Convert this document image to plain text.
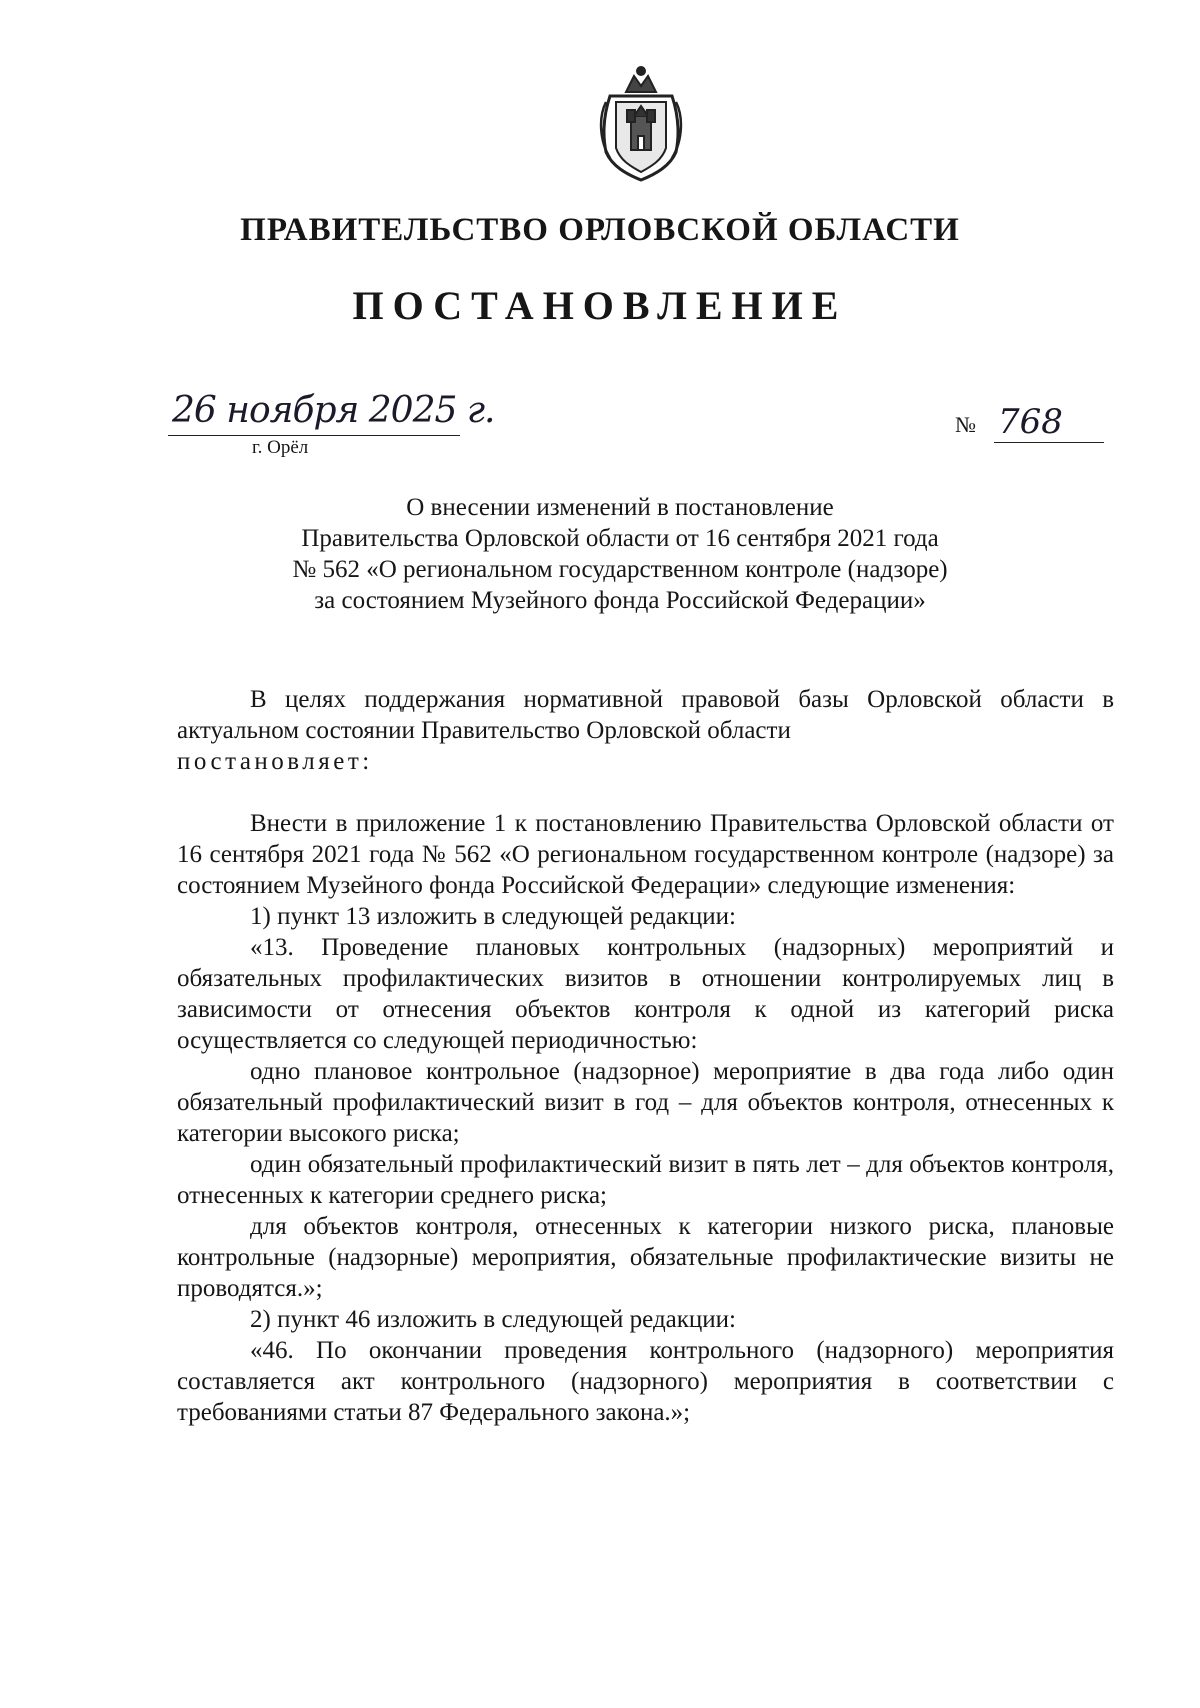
ПРАВИТЕЛЬСТВО ОРЛОВСКОЙ ОБЛАСТИ
ПОСТАНОВЛЕНИЕ
26 ноября 2025 г.
г. Орёл
№ 768
О внесении изменений в постановление
Правительства Орловской области от 16 сентября 2021 года
№ 562 «О региональном государственном контроле (надзоре)
за состоянием Музейного фонда Российской Федерации»

В целях поддержания нормативной правовой базы Орловской области в актуальном состоянии Правительство Орловской области

постановляет:

Внести в приложение 1 к постановлению Правительства Орловской области от 16 сентября 2021 года № 562 «О региональном государственном контроле (надзоре) за состоянием Музейного фонда Российской Федерации» следующие изменения:

1) пункт 13 изложить в следующей редакции:

«13. Проведение плановых контрольных (надзорных) мероприятий и обязательных профилактических визитов в отношении контролируемых лиц в зависимости от отнесения объектов контроля к одной из категорий риска осуществляется со следующей периодичностью:

одно плановое контрольное (надзорное) мероприятие в два года либо один обязательный профилактический визит в год – для объектов контроля, отнесенных к категории высокого риска;

один обязательный профилактический визит в пять лет – для объектов контроля, отнесенных к категории среднего риска;

для объектов контроля, отнесенных к категории низкого риска, плановые контрольные (надзорные) мероприятия, обязательные профилактические визиты не проводятся.»;

2) пункт 46 изложить в следующей редакции:

«46. По окончании проведения контрольного (надзорного) мероприятия составляется акт контрольного (надзорного) мероприятия в соответствии с требованиями статьи 87 Федерального закона.»;
